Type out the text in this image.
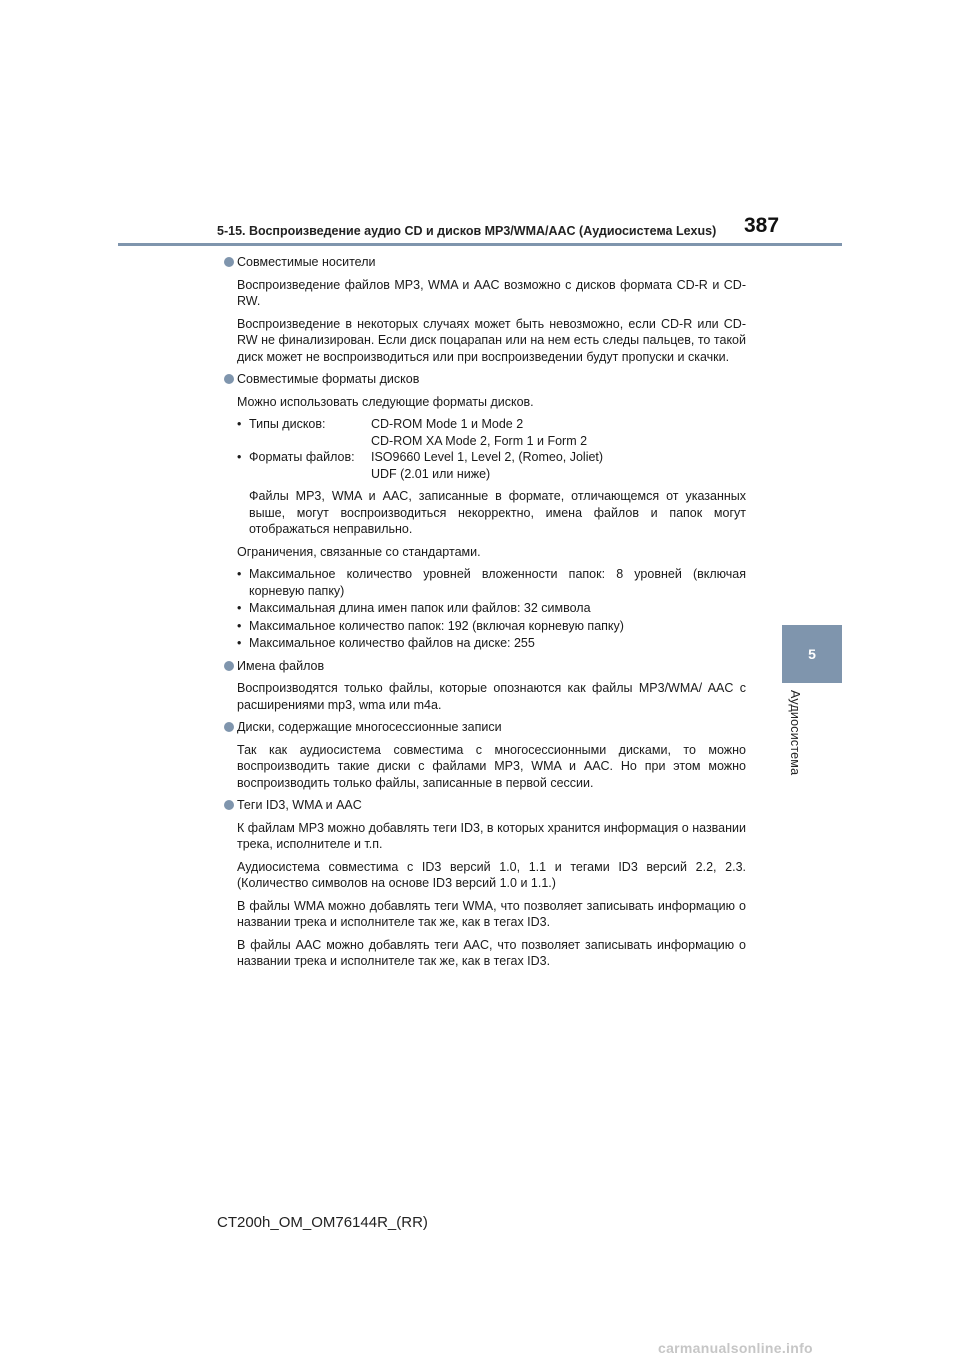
5-15. Воспроизведение аудио CD и дисков MP3/WMA/AAC (Аудиосистема Lexus) 387
5
Аудиосистема
Совместимые носители

Воспроизведение файлов MP3, WMA и AAC возможно с дисков формата CD-R и CD-RW.

Воспроизведение в некоторых случаях может быть невозможно, если CD-R или CD-RW не финализирован. Если диск поцарапан или на нем есть следы пальцев, то такой диск может не воспроизводиться или при воспроизведении будут пропуски и скачки.

Совместимые форматы дисков

Можно использовать следующие форматы дисков.

• Типы дисков:	CD-ROM Mode 1 и Mode 2
	CD-ROM XA Mode 2, Form 1 и Form 2
• Форматы файлов:	ISO9660 Level 1, Level 2, (Romeo, Joliet)
	UDF (2.01 или ниже)

Файлы MP3, WMA и AAC, записанные в формате, отличающемся от указанных выше, могут воспроизводиться некорректно, имена файлов и папок могут отображаться неправильно.

Ограничения, связанные со стандартами.

• Максимальное количество уровней вложенности папок: 8 уровней (включая корневую папку)
• Максимальная длина имен папок или файлов: 32 символа
• Максимальное количество папок: 192 (включая корневую папку)
• Максимальное количество файлов на диске: 255
Имена файлов

Воспроизводятся только файлы, которые опознаются как файлы MP3/WMA/ AAC с расширениями mp3, wma или m4a.

Диски, содержащие многосессионные записи

Так как аудиосистема совместима с многосессионными дисками, то можно воспроизводить такие диски с файлами MP3, WMA и AAC. Но при этом можно воспроизводить только файлы, записанные в первой сессии.

Теги ID3, WMA и AAC

К файлам MP3 можно добавлять теги ID3, в которых хранится информация о названии трека, исполнителе и т.п.

Аудиосистема совместима с ID3 версий 1.0, 1.1 и тегами ID3 версий 2.2, 2.3. (Количество символов на основе ID3 версий 1.0 и 1.1.)

В файлы WMA можно добавлять теги WMA, что позволяет записывать информацию о названии трека и исполнителе так же, как в тегах ID3.

В файлы AAC можно добавлять теги AAC, что позволяет записывать информацию о названии трека и исполнителе так же, как в тегах ID3.

CT200h_OM_OM76144R_(RR)
carmanualsonline.info
